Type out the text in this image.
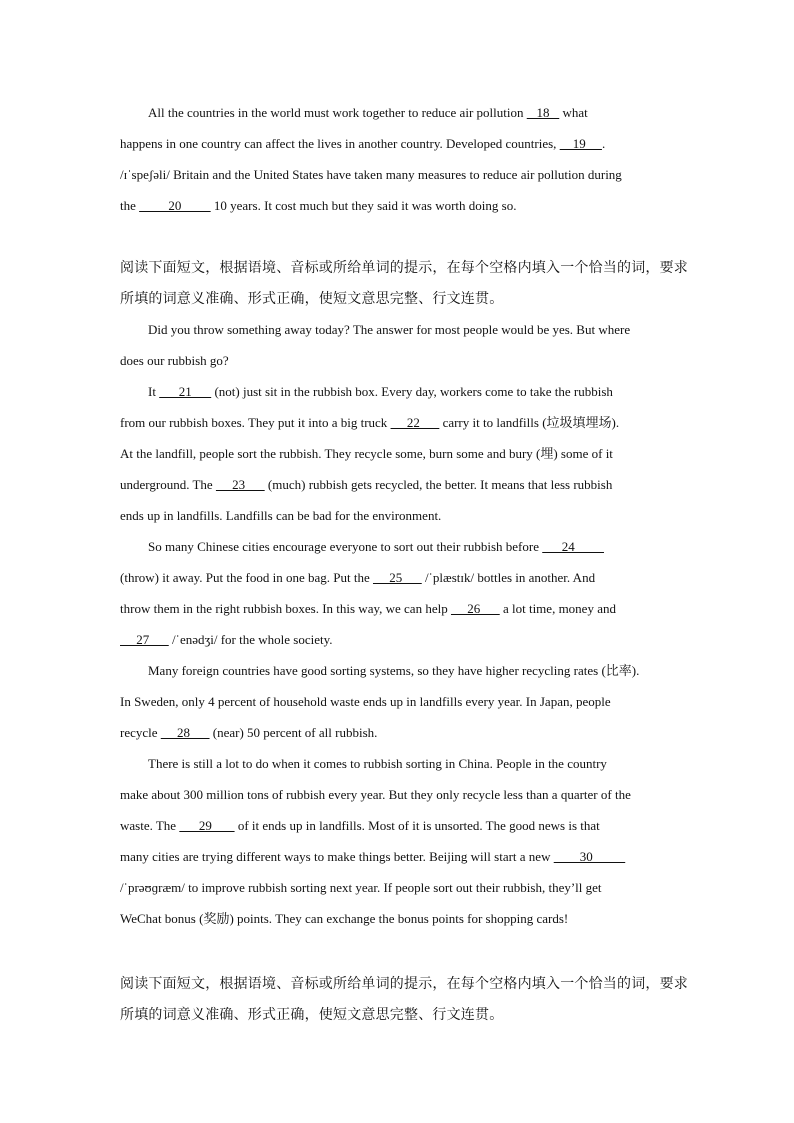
All the countries in the world must work together to reduce air pollution    18    what
happens in one country can affect the lives in another country. Developed countries,     19     .
/ɪˈspeʃəli/ Britain and the United States have taken many measures to reduce air pollution during
the          20          10 years. It cost much but they said it was worth doing so.
阅读下面短文，根据语境、音标或所给单词的提示，在每个空格内填入一个恰当的词，要求
所填的词意义准确、形式正确，使短文意思完整、行文连贯。
Did you throw something away today? The answer for most people would be yes. But where
does our rubbish go?
It       21       (not) just sit in the rubbish box. Every day, workers come to take the rubbish
from our rubbish boxes. They put it into a big truck      22       carry it to landfills (垃圾填埋场).
At the landfill, people sort the rubbish. They recycle some, burn some and bury (埋) some of it
underground. The      23       (much) rubbish gets recycled, the better. It means that less rubbish
ends up in landfills. Landfills can be bad for the environment.
So many Chinese cities encourage everyone to sort out their rubbish before       24
(throw) it away. Put the food in one bag. Put the      25       /ˈplæstɪk/ bottles in another. And
throw them in the right rubbish boxes. In this way, we can help      26       a lot time, money and
27       /ˈenədʒi/ for the whole society.
Many foreign countries have good sorting systems, so they have higher recycling rates (比率).
In Sweden, only 4 percent of household waste ends up in landfills every year. In Japan, people
recycle      28       (near) 50 percent of all rubbish.
There is still a lot to do when it comes to rubbish sorting in China. People in the country
make about 300 million tons of rubbish every year. But they only recycle less than a quarter of the
waste. The       29        of it ends up in landfills. Most of it is unsorted. The good news is that
many cities are trying different ways to make things better. Beijing will start a new         30
/ˈprəʊɡræm/ to improve rubbish sorting next year. If people sort out their rubbish, they’ll get
WeChat bonus (奖励) points. They can exchange the bonus points for shopping cards!
阅读下面短文，根据语境、音标或所给单词的提示，在每个空格内填入一个恰当的词，要求
所填的词意义准确、形式正确，使短文意思完整、行文连贯。
